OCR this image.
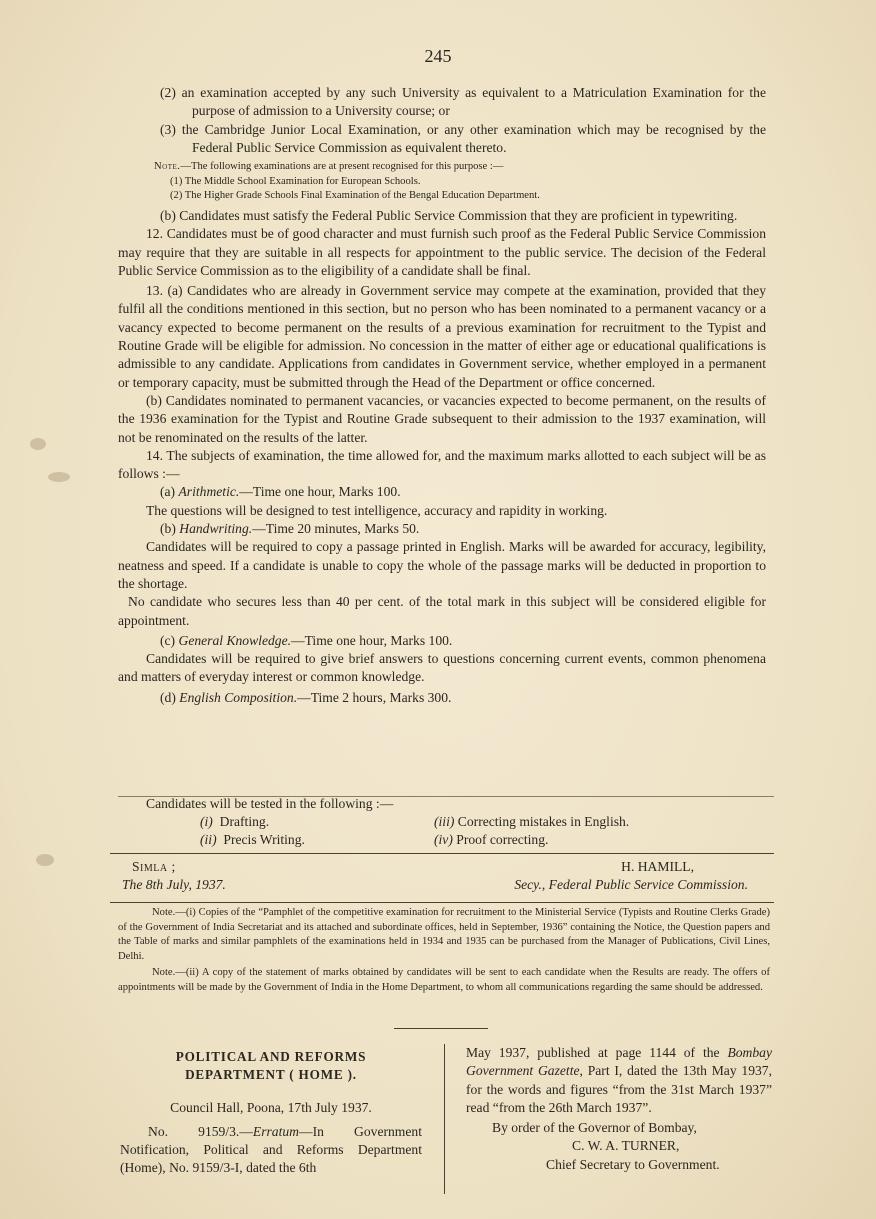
245

(2) an examination accepted by any such University as equivalent to a Matriculation Examination for the purpose of admission to a University course; or

(3) the Cambridge Junior Local Examination, or any other examination which may be recognised by the Federal Public Service Commission as equivalent thereto.

Note.—The following examinations are at present recognised for this purpose :—

(1) The Middle School Examination for European Schools.

(2) The Higher Grade Schools Final Examination of the Bengal Education Department.

(b) Candidates must satisfy the Federal Public Service Commission that they are proficient in typewriting.

12. Candidates must be of good character and must furnish such proof as the Federal Public Service Commission may require that they are suitable in all respects for appointment to the public service. The decision of the Federal Public Service Commission as to the eligibility of a candidate shall be final.

13. (a) Candidates who are already in Government service may compete at the examination, provided that they fulfil all the conditions mentioned in this section, but no person who has been nominated to a permanent vacancy or a vacancy expected to become permanent on the results of a previous examination for recruitment to the Typist and Routine Grade will be eligible for admission. No concession in the matter of either age or educational qualifications is admissible to any candidate. Applications from candidates in Government service, whether employed in a permanent or temporary capacity, must be submitted through the Head of the Department or office concerned.

(b) Candidates nominated to permanent vacancies, or vacancies expected to become permanent, on the results of the 1936 examination for the Typist and Routine Grade subsequent to their admission to the 1937 examination, will not be renominated on the results of the latter.

14. The subjects of examination, the time allowed for, and the maximum marks allotted to each subject will be as follows :—

(a) Arithmetic.—Time one hour, Marks 100.

The questions will be designed to test intelligence, accuracy and rapidity in working.

(b) Handwriting.—Time 20 minutes, Marks 50.

Candidates will be required to copy a passage printed in English. Marks will be awarded for accuracy, legibility, neatness and speed. If a candidate is unable to copy the whole of the passage marks will be deducted in proportion to the shortage.

No candidate who secures less than 40 per cent. of the total mark in this subject will be considered eligible for appointment.

(c) General Knowledge.—Time one hour, Marks 100.

Candidates will be required to give brief answers to questions concerning current events, common phenomena and matters of everyday interest or common knowledge.

(d) English Composition.—Time 2 hours, Marks 300.

Candidates will be tested in the following :—
(i) Drafting.	(iii) Correcting mistakes in English.
(ii) Precis Writing.	(iv) Proof correcting.
Simla ;
The 8th July, 1937.
H. HAMILL,
Secy., Federal Public Service Commission.

Note.—(i) Copies of the “Pamphlet of the competitive examination for recruitment to the Ministerial Service (Typists and Routine Clerks Grade) of the Government of India Secretariat and its attached and subordinate offices, held in September, 1936” containing the Notice, the Question papers and the Table of marks and similar pamphlets of the examinations held in 1934 and 1935 can be purchased from the Manager of Publications, Civil Lines, Delhi.

Note.—(ii) A copy of the statement of marks obtained by candidates will be sent to each candidate when the Results are ready. The offers of appointments will be made by the Government of India in the Home Department, to whom all communications regarding the same should be addressed.

POLITICAL AND REFORMS
DEPARTMENT ( HOME ).
Council Hall, Poona, 17th July 1937.

No. 9159/3.—Erratum—In Government Notification, Political and Reforms Department (Home), No. 9159/3-I, dated the 6th

May 1937, published at page 1144 of the Bombay Government Gazette, Part I, dated the 13th May 1937, for the words and figures “from the 31st March 1937” read “from the 26th March 1937”.

By order of the Governor of Bombay,
C. W. A. TURNER,
Chief Secretary to Government.
